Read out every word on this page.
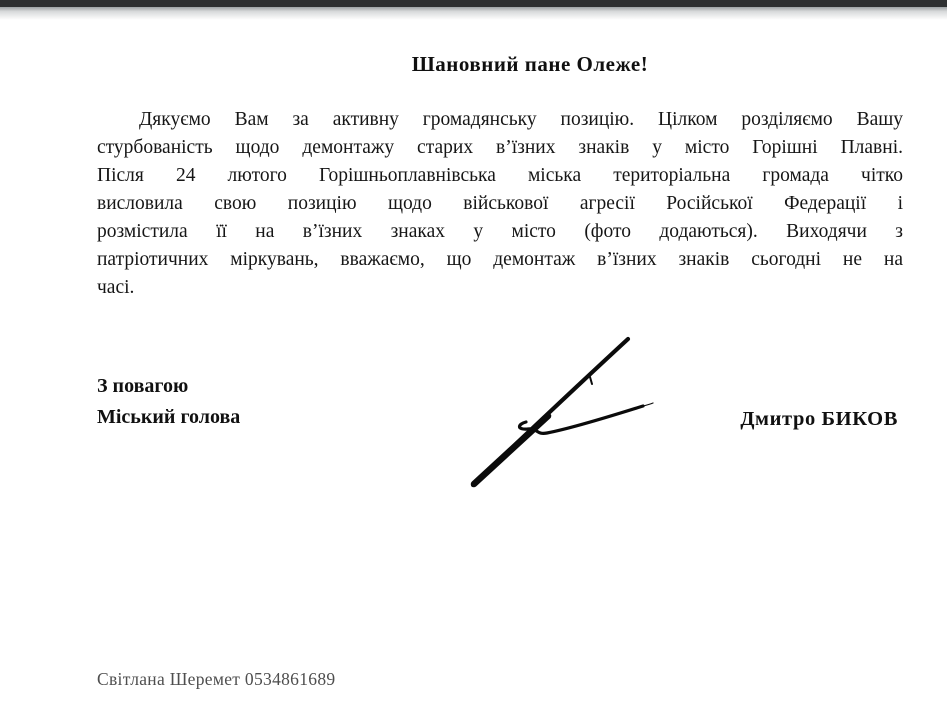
Шановний пане Олеже!
Дякуємо Вам за активну громадянську позицію. Цілком розділяємо Вашу
стурбованість щодо демонтажу старих в’їзних знаків у місто Горішні Плавні.
Після 24 лютого Горішньоплавнівська міська територіальна громада чітко
висловила свою позицію щодо військової агресії Російської Федерації і
розмістила її на в’їзних знаках у місто (фото додаються). Виходячи з
патріотичних міркувань, вважаємо, що демонтаж в’їзних знаків сьогодні не на
часі.
З повагою
Міський голова	Дмитро БИКОВ
Світлана Шеремет 0534861689
